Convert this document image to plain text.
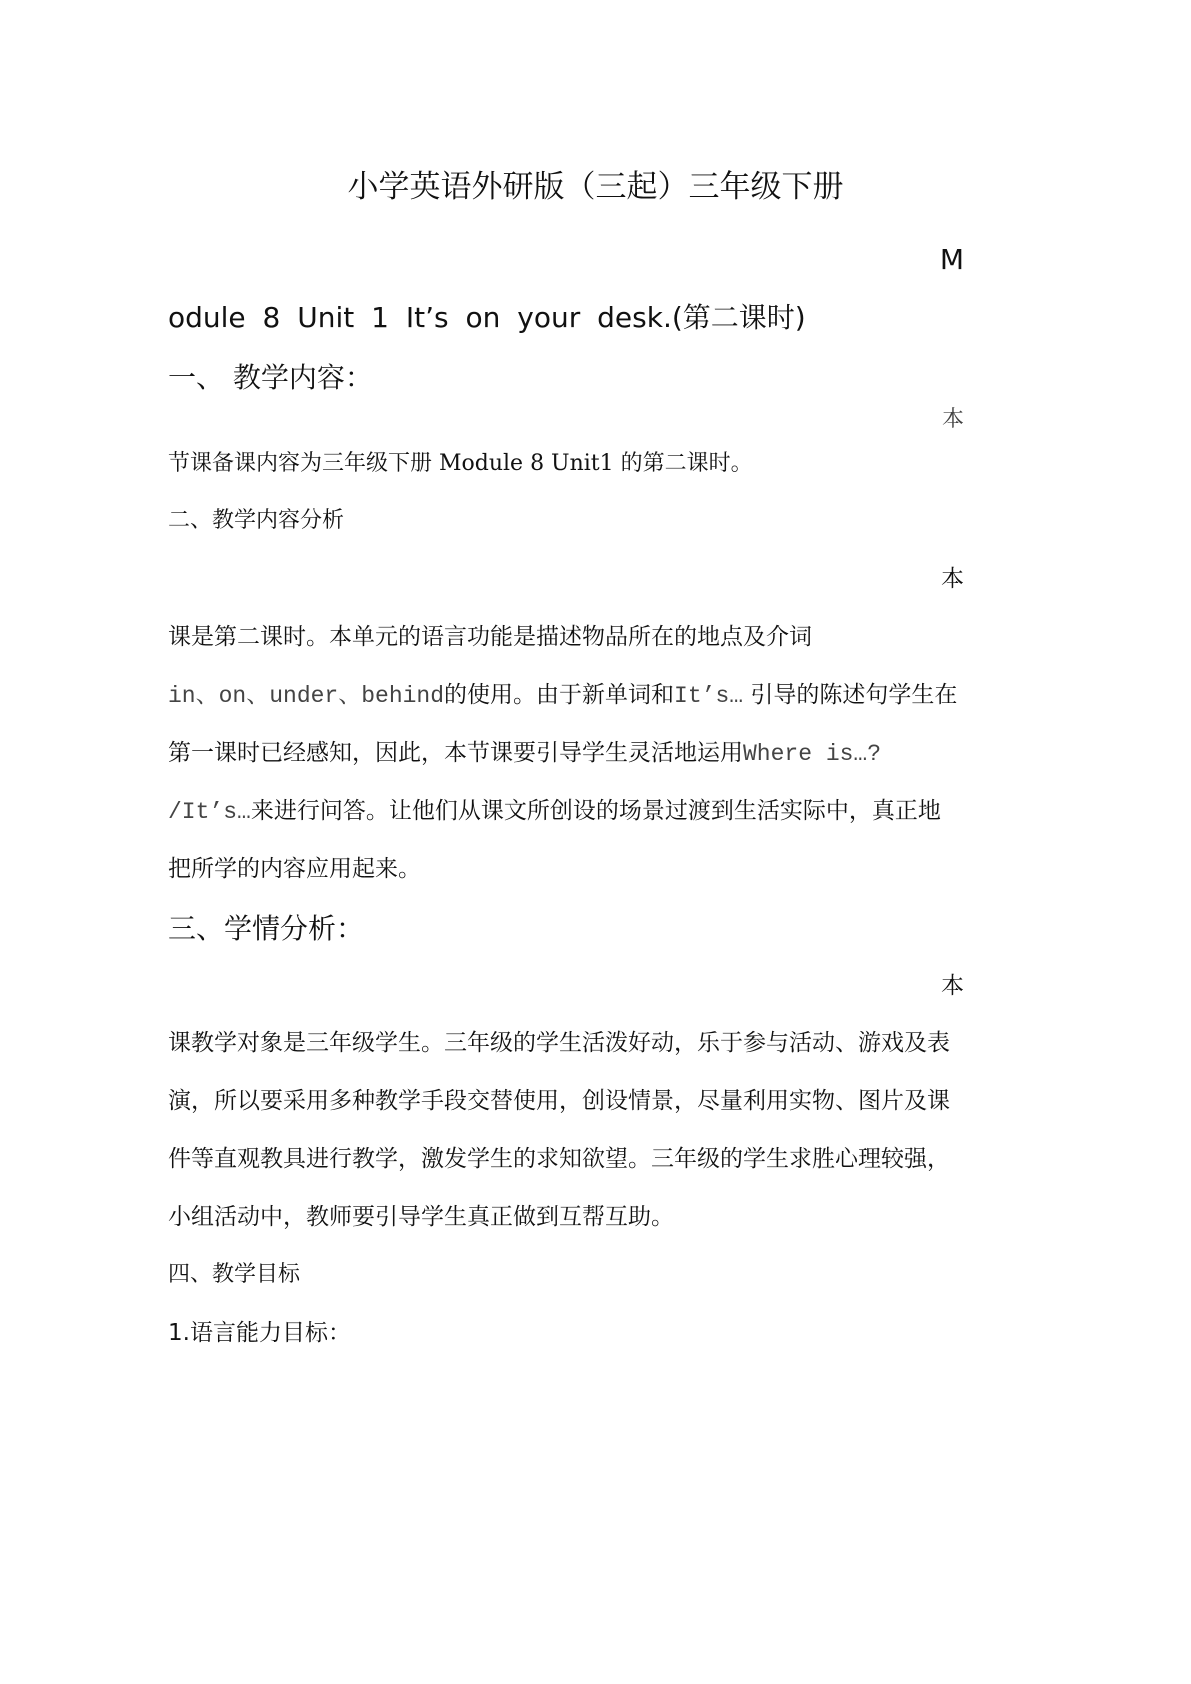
小学英语外研版（三起）三年级下册
M
odule 8 Unit 1 It’s on your desk.(第二课时)
一、 教学内容：
本
节课备课内容为三年级下册 Module 8 Unit1 的第二课时。
二、教学内容分析
本
课是第二课时。本单元的语言功能是描述物品所在的地点及介词
in、on、under、behind的使用。由于新单词和It’s… 引导的陈述句学生在
第一课时已经感知，因此，本节课要引导学生灵活地运用Where is…?
/It’s…来进行问答。让他们从课文所创设的场景过渡到生活实际中，真正地
把所学的内容应用起来。
三、学情分析：
本
课教学对象是三年级学生。三年级的学生活泼好动，乐于参与活动、游戏及表
演，所以要采用多种教学手段交替使用，创设情景，尽量利用实物、图片及课
件等直观教具进行教学，激发学生的求知欲望。三年级的学生求胜心理较强，
小组活动中，教师要引导学生真正做到互帮互助。
四、教学目标
1.语言能力目标：
